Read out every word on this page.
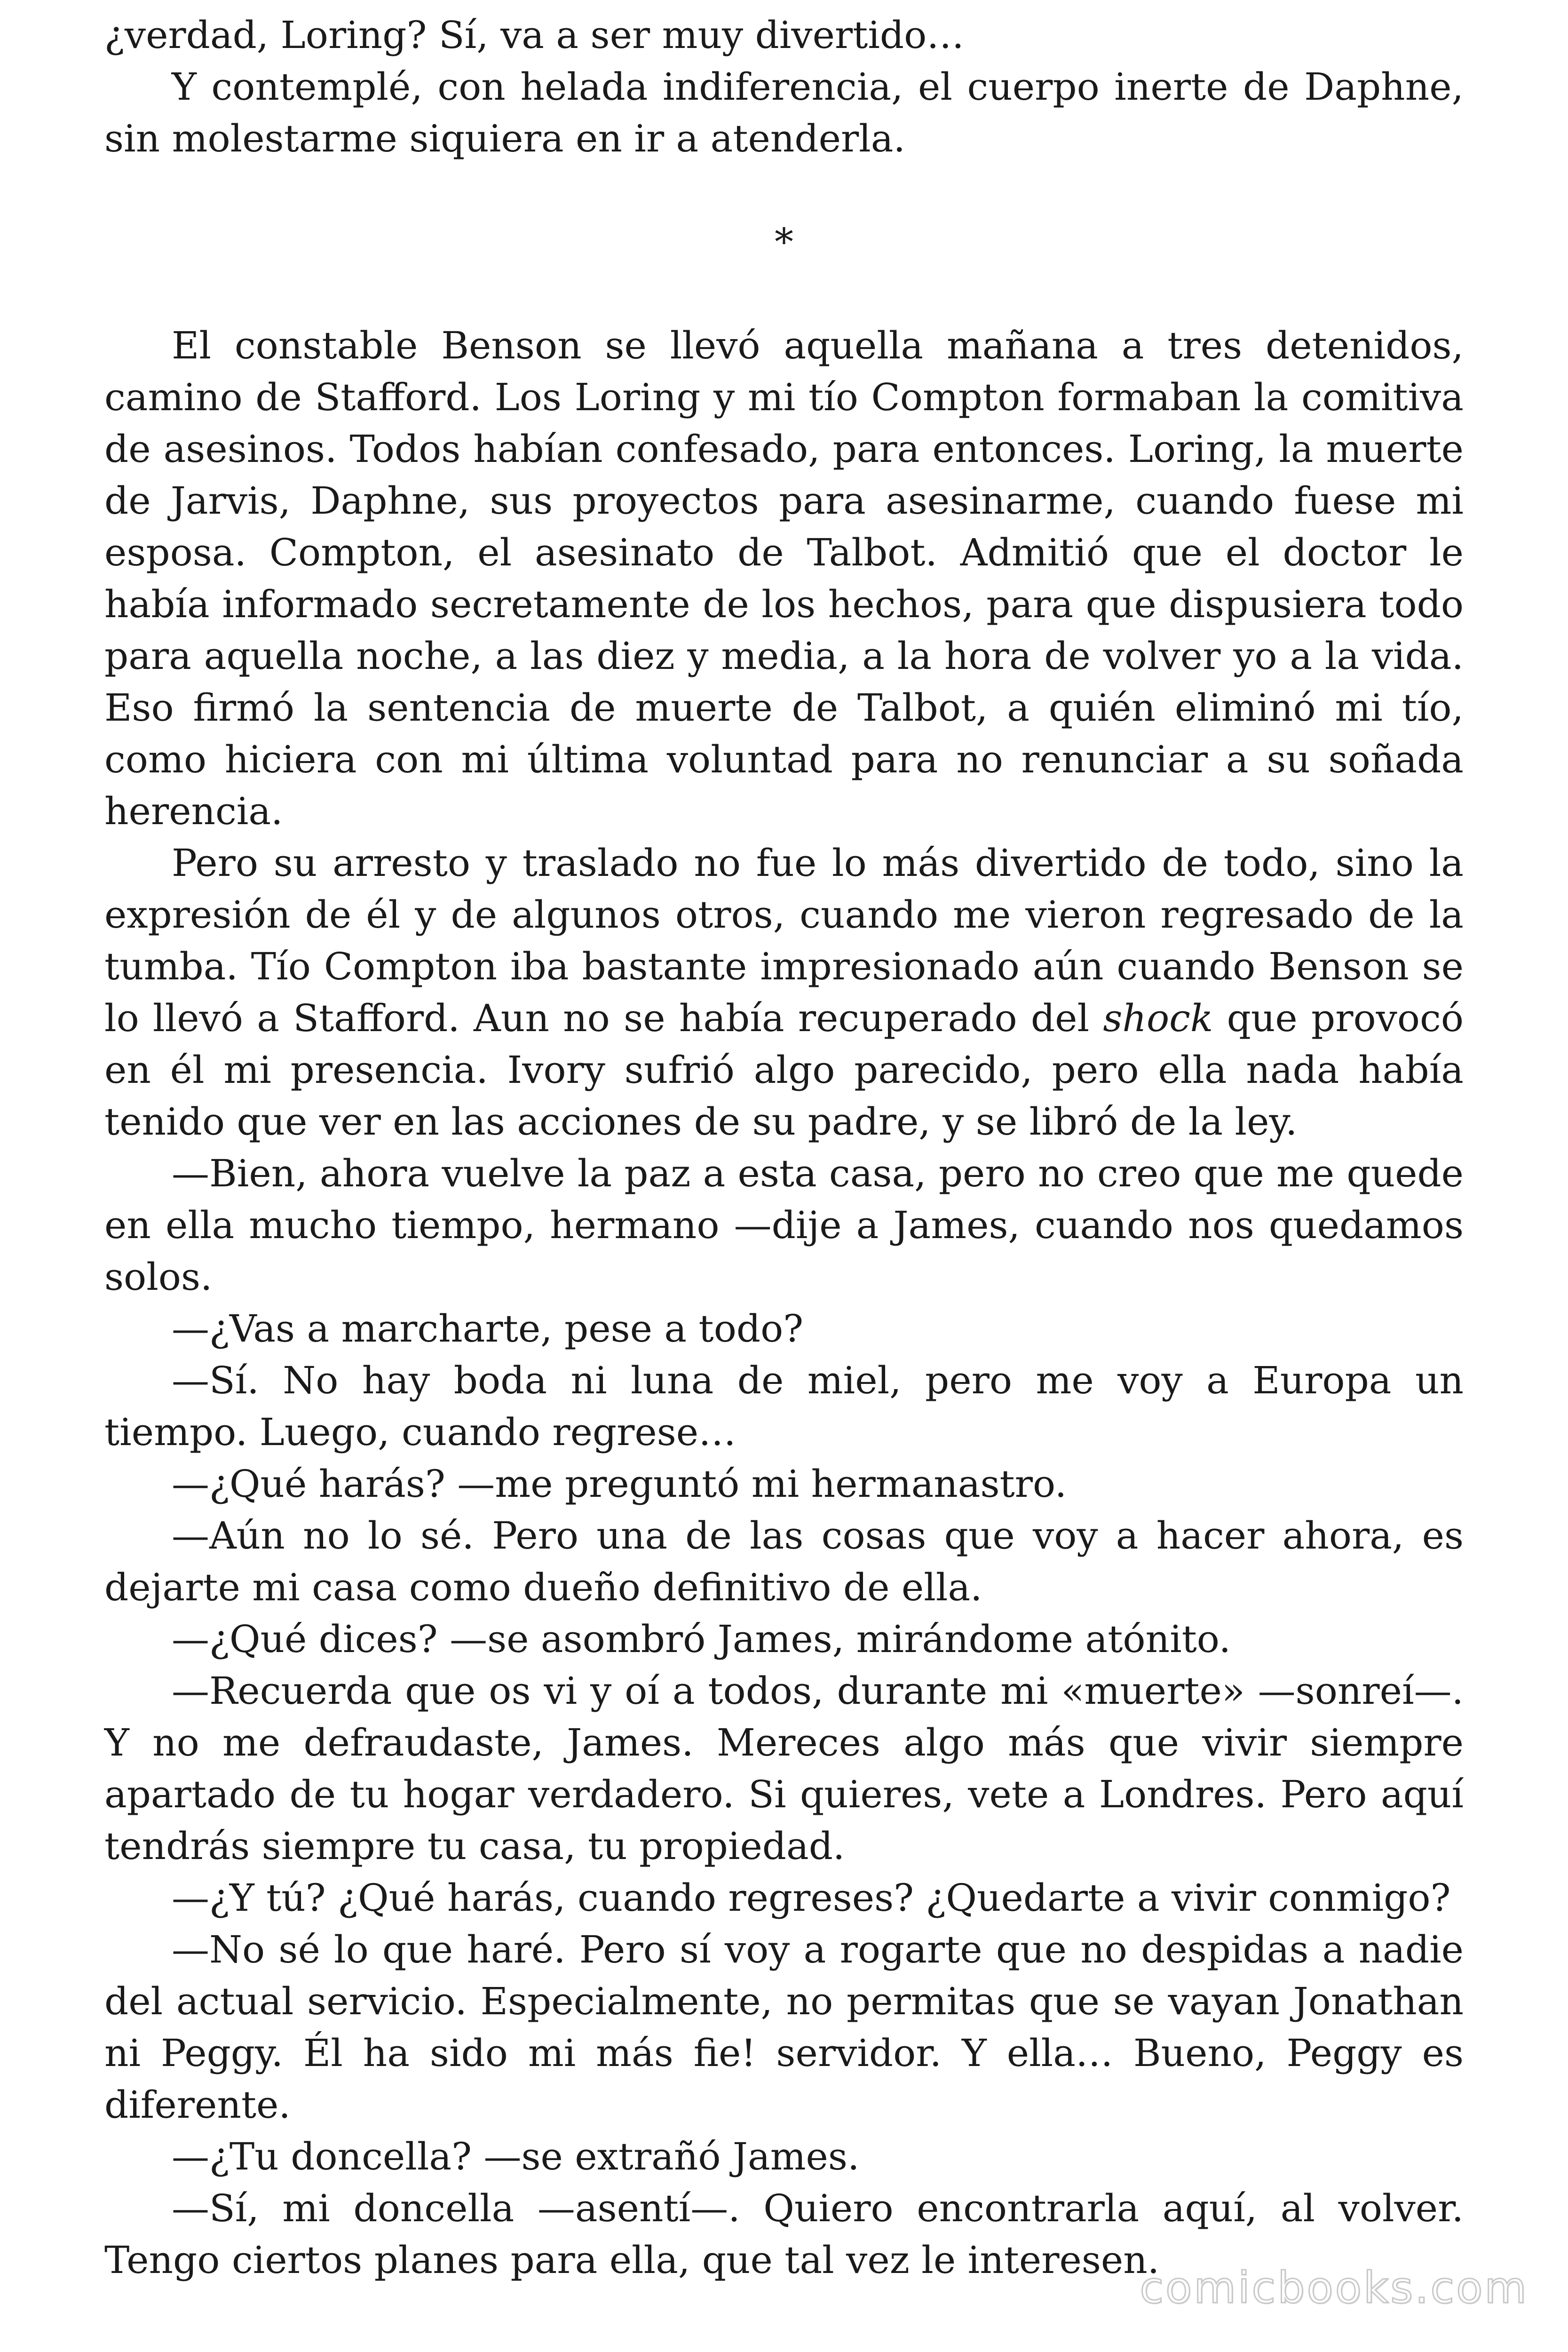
¿verdad, Loring? Sí, va a ser muy divertido…

Y contemplé, con helada indiferencia, el cuerpo inerte de Daphne, sin molestarme siquiera en ir a atenderla.

*

El constable Benson se llevó aquella mañana a tres detenidos, camino de Stafford. Los Loring y mi tío Compton formaban la comitiva de asesinos. Todos habían confesado, para entonces. Loring, la muerte de Jarvis, Daphne, sus proyectos para asesinarme, cuando fuese mi esposa. Compton, el asesinato de Talbot. Admitió que el doctor le había informado secretamente de los hechos, para que dispusiera todo para aquella noche, a las diez y media, a la hora de volver yo a la vida. Eso firmó la sentencia de muerte de Talbot, a quién eliminó mi tío, como hiciera con mi última voluntad para no renunciar a su soñada herencia.

Pero su arresto y traslado no fue lo más divertido de todo, sino la expresión de él y de algunos otros, cuando me vieron regresado de la tumba. Tío Compton iba bastante impresionado aún cuando Benson se lo llevó a Stafford. Aun no se había recuperado del shock que provocó en él mi presencia. Ivory sufrió algo parecido, pero ella nada había tenido que ver en las acciones de su padre, y se libró de la ley.

—Bien, ahora vuelve la paz a esta casa, pero no creo que me quede en ella mucho tiempo, hermano —dije a James, cuando nos quedamos solos.

—¿Vas a marcharte, pese a todo?

—Sí. No hay boda ni luna de miel, pero me voy a Europa un tiempo. Luego, cuando regrese…

—¿Qué harás? —me preguntó mi hermanastro.

—Aún no lo sé. Pero una de las cosas que voy a hacer ahora, es dejarte mi casa como dueño definitivo de ella.

—¿Qué dices? —se asombró James, mirándome atónito.

—Recuerda que os vi y oí a todos, durante mi «muerte» —sonreí—. Y no me defraudaste, James. Mereces algo más que vivir siempre apartado de tu hogar verdadero. Si quieres, vete a Londres. Pero aquí tendrás siempre tu casa, tu propiedad.

—¿Y tú? ¿Qué harás, cuando regreses? ¿Quedarte a vivir conmigo?

—No sé lo que haré. Pero sí voy a rogarte que no despidas a nadie del actual servicio. Especialmente, no permitas que se vayan Jonathan ni Peggy. Él ha sido mi más fie! servidor. Y ella… Bueno, Peggy es diferente.

—¿Tu doncella? —se extrañó James.

—Sí, mi doncella —asentí—. Quiero encontrarla aquí, al volver. Tengo ciertos planes para ella, que tal vez le interesen.

comicbooks.com
